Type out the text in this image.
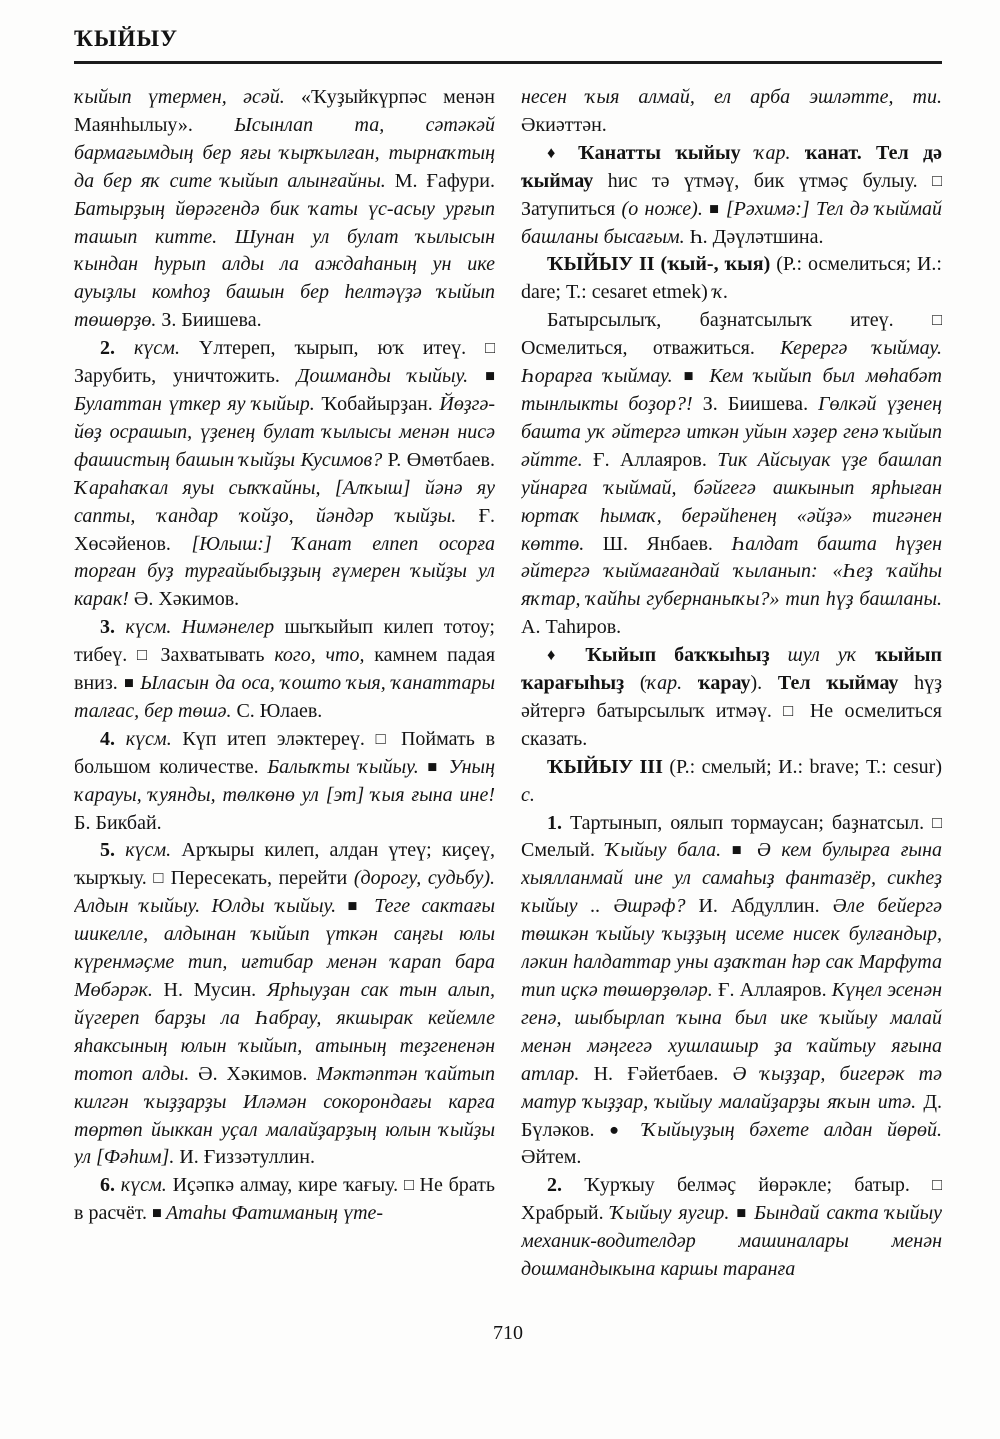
ҠЫЙЫУ

ҡыйып үтермен, әсәй. «Ҡуҙыйкүрпәс менән Маянһылыу». Ысынлап та, сәтәкәй бармағымдың бер яғы ҡырҡылған, тырнаҡтың да бер яҡ сите ҡыйып алынғайны. М. Ғафури. Батырҙың йөрәгендә бик ҡаты үс-асыу урғып ташып китте. Шунан ул булат ҡылысын ҡындан һурып алды ла аждаһаның ун ике ауыҙлы комһоҙ башын бер һелтәүҙә ҡыйып төшөрҙө. З. Биишева.

2. күсм. Үлтереп, ҡырып, юҡ итеү. □ Зарубить, уничтожить. Дошманды ҡыйыу. ■ Булаттан үткер яу ҡыйыр. Ҡобайырҙан. Йөҙгә-йөҙ осрашып, үҙенең булат ҡылысы менән нисә фашистың башын ҡыйҙы Кусимов? Р. Өмөтбаев. Ҡараһаҡал яуы сыҡҡайны, [Алҡыш] йәнә яу сапты, ҡандар ҡойҙо, йәндәр ҡыйҙы. Ғ. Хөсәйенов. [Юлыш:] Ҡанат елпеп осорға торған буҙ турғайыбыҙҙың ғүмерен ҡыйҙы ул карак! Ә. Хәкимов.

3. күсм. Нимәнелер шыҡыйып килеп тотоу; тибеү. □ Захватывать кого, что, камнем падая вниз. ■ Ыласын да оса, ҡошто ҡыя, ҡанаттары талғас, бер төшә. С. Юлаев.

4. күсм. Күп итеп эләктереү. □ Поймать в большом количестве. Балыҡты ҡыйыу. ■ Уның ҡарауы, ҡуянды, төлкөнө ул [эт] ҡыя ғына ине! Б. Бикбай.

5. күсм. Арҡыры килеп, алдан үтеү; киҫеү, ҡырҡыу. □ Пересекать, перейти (дорогу, судьбу). Алдын ҡыйыу. Юлды ҡыйыу. ■ Теге сактағы шикелле, алдынан ҡыйып үткән саңғы юлы күренмәҫме тип, иғтибар менән ҡарап бара Мөбәрәк. Н. Мусин. Ярһыуҙан сак тын алып, йүгереп барҙы ла Һабрау, якшырак кейемле яһаксының юлын ҡыйып, атының теҙгененән тотоп алды. Ә. Хәкимов. Мәктәптән ҡайтып килгән ҡыҙҙарҙы Иләмән сокорондағы карға төртөп йыккан уҫал малайҙарҙың юлын ҡыйҙы ул [Фәһим]. И. Ғиззәтуллин.

6. күсм. Иҫәпкә алмау, кире ҡағыу. □ Не брать в расчёт. ■ Атаһы Фатиманың үте-

несен ҡыя алмай, ел арба эшләтте, ти. Әкиәттән.

♦ Ҡанатты ҡыйыу ҡар. ҡанат. Тел дә ҡыймау һис тә үтмәү, бик үтмәҫ булыу. □ Затупиться (о ноже). ■ [Рәхимә:] Тел дә ҡыймай башланы бысағым. Һ. Дәүләтшина.

ҠЫЙЫУ II (ҡый-, ҡыя) (Р.: осмелиться; И.: dare; Т.: cesaret etmek) ҡ.

Батырсылыҡ, баҙнатсылыҡ итеү. □ Осмелиться, отважиться. Керергә ҡыймау. Һорарға ҡыймау. ■ Кем ҡыйып был мөһабәт тынлыкты боҙор?! З. Биишева. Гөлкәй үҙенең башта уҡ әйтергә иткән уйын хәҙер генә ҡыйып әйтте. Ғ. Аллаяров. Тик Айсыуак үҙе башлап уйнарға ҡыймай, бәйгегә ашкынып ярһыған юртаҡ һымаҡ, берәйһенең «әйҙә» тигәнен көттө. Ш. Янбаев. Һалдат башта һүҙен әйтергә ҡыймағандай ҡыланып: «Һеҙ ҡайһы яҡтар, ҡайһы губернаныҡы?» тип һүҙ башланы. А. Таһиров.

♦ Ҡыйып баҡҡыһыҙ шул уҡ ҡыйып ҡарағыһыҙ (ҡар. ҡарау). Тел ҡыймау һүҙ әйтергә батырсылыҡ итмәү. □ Не осмелиться сказать.

ҠЫЙЫУ III (Р.: смелый; И.: brave; Т.: cesur) с.

1. Тартынып, оялып тормаусан; баҙнатсыл. □ Смелый. Ҡыйыу бала. ■ Ә кем булырға ғына хыялланмай ине ул самаһыҙ фантазёр, сикһеҙ ҡыйыу .. Әшрәф? И. Абдуллин. Әле бейергә төшкән ҡыйыу ҡыҙҙың исеме нисек булғандыр, ләкин һалдаттар уны аҙаҡтан һәр сак Марфута тип иҫкә төшөрҙөләр. Ғ. Аллаяров. Күңел эсенән генә, шыбырлап ҡына был ике ҡыйыу малай менән мәңгегә хушлашыр ҙа ҡайтыу яғына атлар. Н. Ғәйетбаев. Ә ҡыҙҙар, бигерәк тә матур ҡыҙҙар, ҡыйыу малайҙарҙы яҡын итә. Д. Бүләков. ● Ҡыйыуҙың бәхете алдан йөрөй. Әйтем.

2. Ҡурҡыу белмәҫ йөрәкле; батыр. □ Храбрый. Ҡыйыу яугир. ■ Бындай сакта ҡыйыу механик-водителдәр машиналары менән дошмандыкына каршы таранға

710
